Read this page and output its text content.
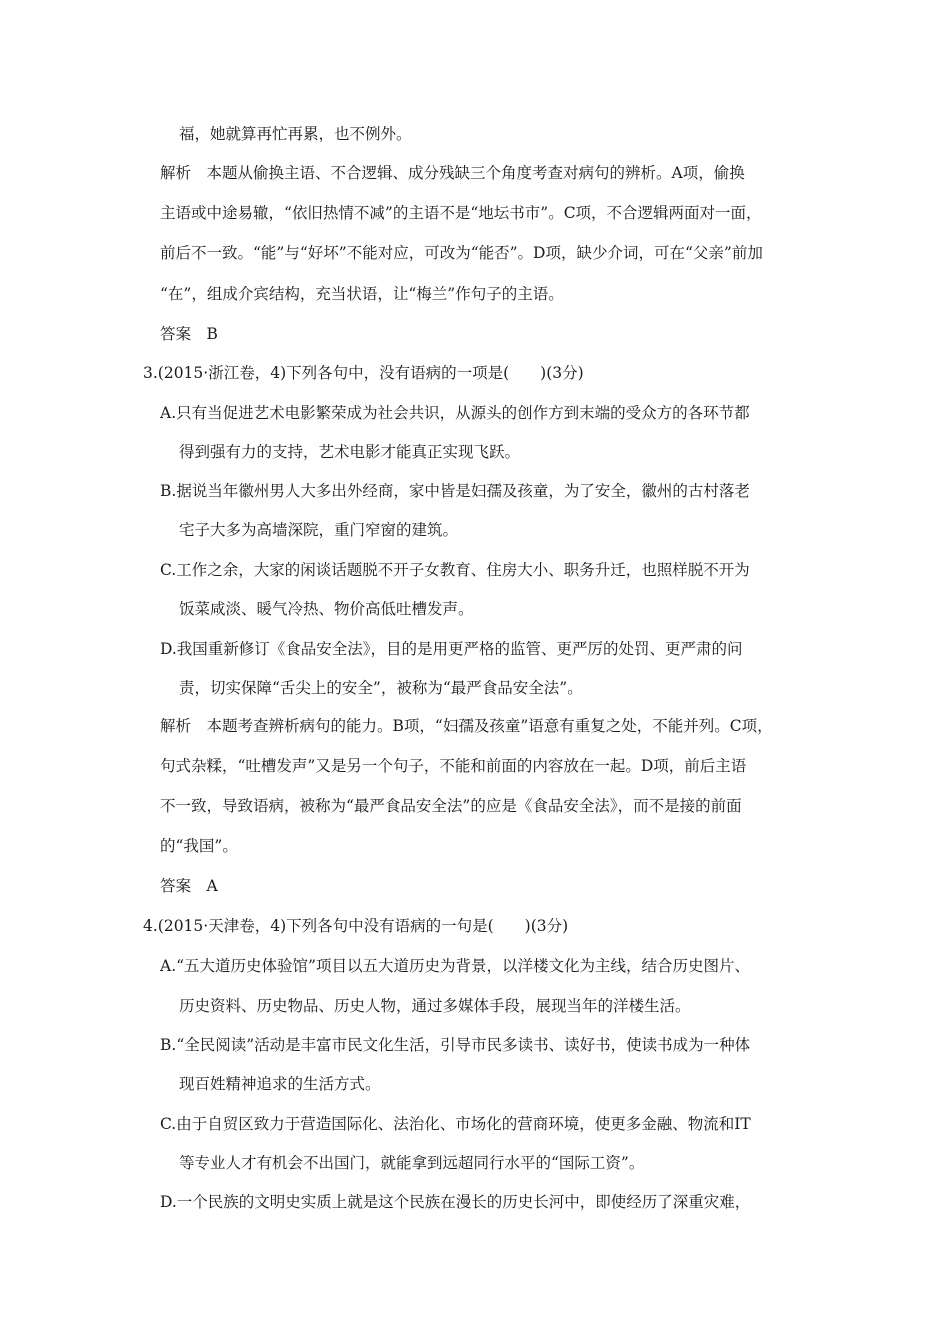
福，她就算再忙再累，也不例外。
解析　本题从偷换主语、不合逻辑、成分残缺三个角度考查对病句的辨析。A项，偷换
主语或中途易辙，“依旧热情不减”的主语不是“地坛书市”。C项，不合逻辑两面对一面，
前后不一致。“能”与“好坏”不能对应，可改为“能否”。D项，缺少介词，可在“父亲”前加
“在”，组成介宾结构，充当状语，让“梅兰”作句子的主语。
答案　B
3.(2015·浙江卷，4)下列各句中，没有语病的一项是(　　)(3分)
A.只有当促进艺术电影繁荣成为社会共识，从源头的创作方到末端的受众方的各环节都
得到强有力的支持，艺术电影才能真正实现飞跃。
B.据说当年徽州男人大多出外经商，家中皆是妇孺及孩童，为了安全，徽州的古村落老
宅子大多为高墙深院，重门窄窗的建筑。
C.工作之余，大家的闲谈话题脱不开子女教育、住房大小、职务升迁，也照样脱不开为
饭菜咸淡、暖气冷热、物价高低吐槽发声。
D.我国重新修订《食品安全法》，目的是用更严格的监管、更严厉的处罚、更严肃的问
责，切实保障“舌尖上的安全”，被称为“最严食品安全法”。
解析　本题考查辨析病句的能力。B项，“妇孺及孩童”语意有重复之处，不能并列。C项，
句式杂糅，“吐槽发声”又是另一个句子，不能和前面的内容放在一起。D项，前后主语
不一致，导致语病，被称为“最严食品安全法”的应是《食品安全法》，而不是接的前面
的“我国”。
答案　A
4.(2015·天津卷，4)下列各句中没有语病的一句是(　　)(3分)
A.“五大道历史体验馆”项目以五大道历史为背景，以洋楼文化为主线，结合历史图片、
历史资料、历史物品、历史人物，通过多媒体手段，展现当年的洋楼生活。
B.“全民阅读”活动是丰富市民文化生活，引导市民多读书、读好书，使读书成为一种体
现百姓精神追求的生活方式。
C.由于自贸区致力于营造国际化、法治化、市场化的营商环境，使更多金融、物流和IT
等专业人才有机会不出国门，就能拿到远超同行水平的“国际工资”。
D.一个民族的文明史实质上就是这个民族在漫长的历史长河中，即使经历了深重灾难，
